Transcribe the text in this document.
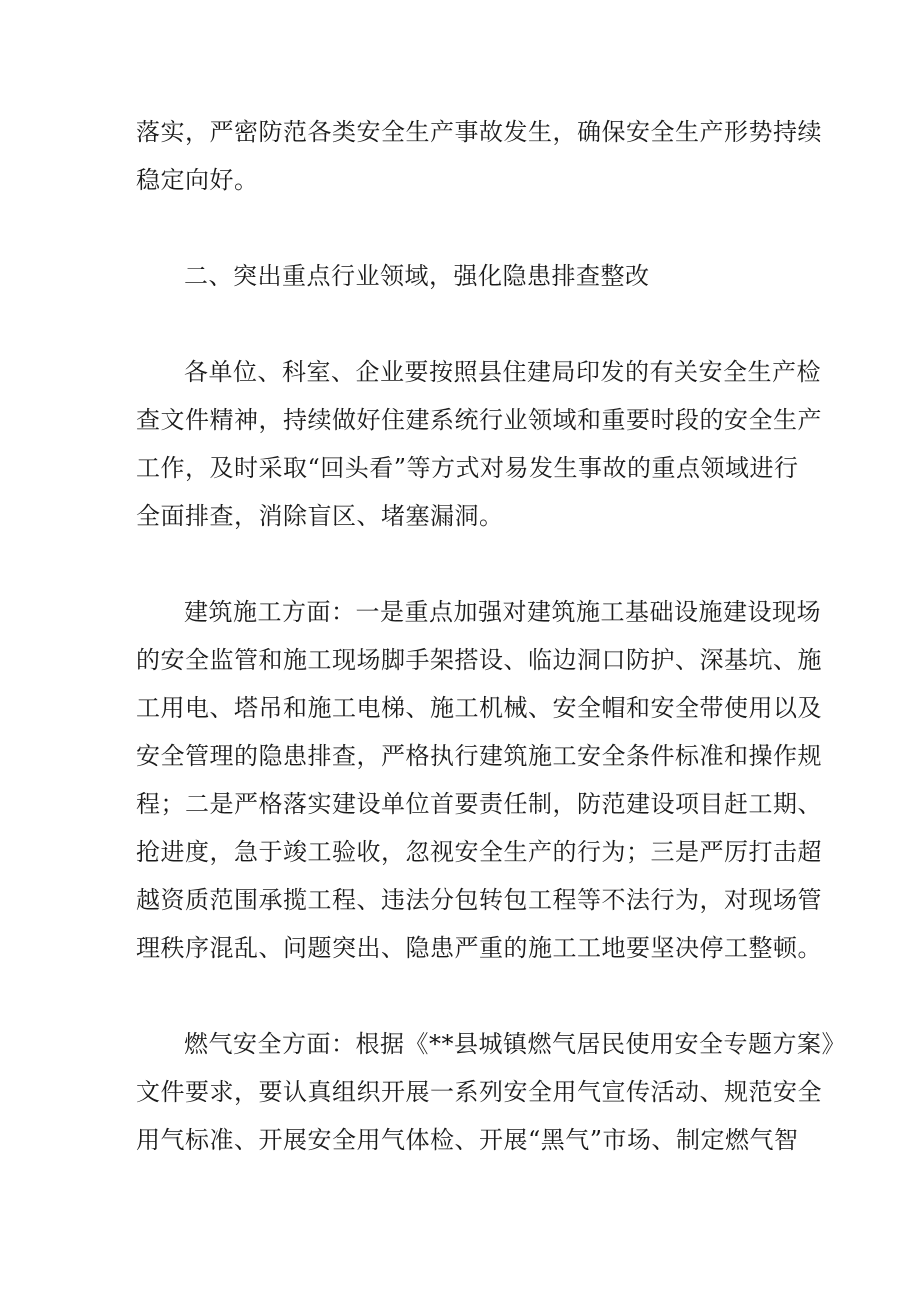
落实，严密防范各类安全生产事故发生，确保安全生产形势持续
稳定向好。
二、突出重点行业领域，强化隐患排查整改
各单位、科室、企业要按照县住建局印发的有关安全生产检
查文件精神，持续做好住建系统行业领域和重要时段的安全生产
工作，及时采取“回头看”等方式对易发生事故的重点领域进行
全面排查，消除盲区、堵塞漏洞。
建筑施工方面：一是重点加强对建筑施工基础设施建设现场
的安全监管和施工现场脚手架搭设、临边洞口防护、深基坑、施
工用电、塔吊和施工电梯、施工机械、安全帽和安全带使用以及
安全管理的隐患排查，严格执行建筑施工安全条件标准和操作规
程；二是严格落实建设单位首要责任制，防范建设项目赶工期、
抢进度，急于竣工验收，忽视安全生产的行为；三是严厉打击超
越资质范围承揽工程、违法分包转包工程等不法行为，对现场管
理秩序混乱、问题突出、隐患严重的施工工地要坚决停工整顿。
燃气安全方面：根据《**县城镇燃气居民使用安全专题方案》
文件要求，要认真组织开展一系列安全用气宣传活动、规范安全
用气标准、开展安全用气体检、开展“黑气”市场、制定燃气智
